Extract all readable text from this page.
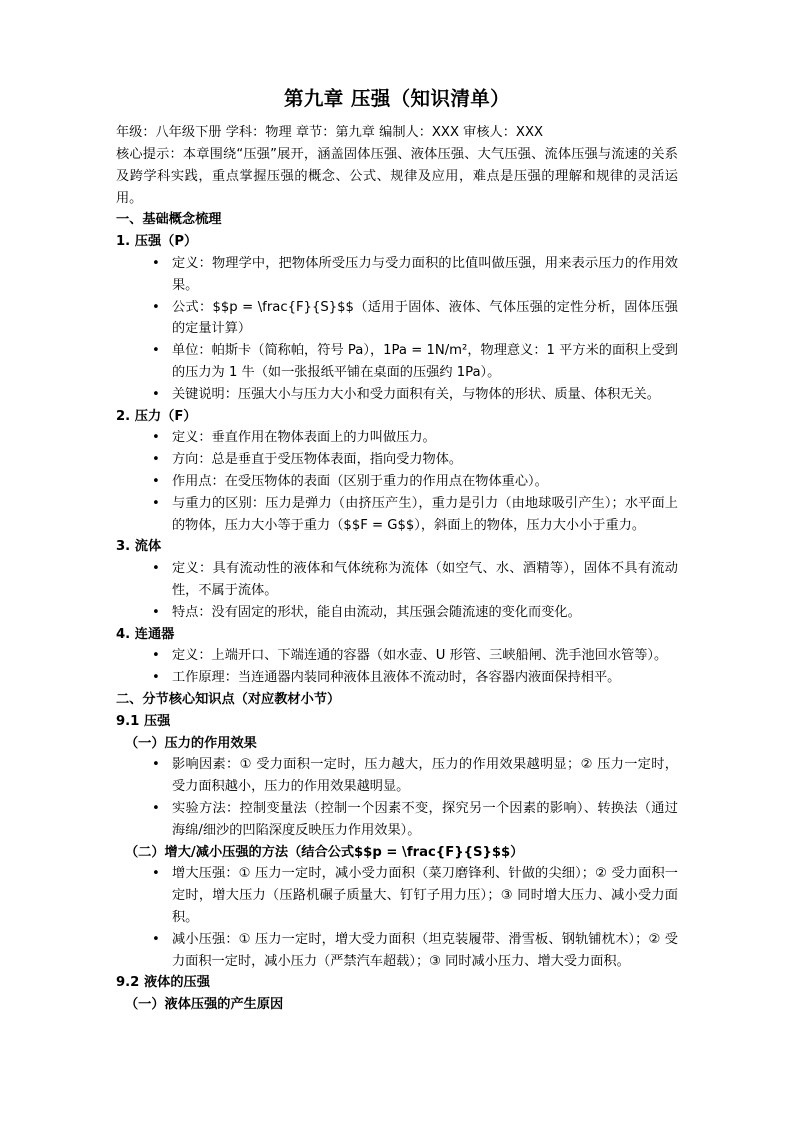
第九章 压强（知识清单）

年级：八年级下册 学科：物理 章节：第九章 编制人：XXX 审核人：XXX

核心提示：本章围绕“压强”展开，涵盖固体压强、液体压强、大气压强、流体压强与流速的关系及跨学科实践，重点掌握压强的概念、公式、规律及应用，难点是压强的理解和规律的灵活运用。

一、基础概念梳理

1. 压强（P）

• 定义：物理学中，把物体所受压力与受力面积的比值叫做压强，用来表示压力的作用效果。
• 公式：$$p = \frac{F}{S}$$（适用于固体、液体、气体压强的定性分析，固体压强的定量计算）
• 单位：帕斯卡（简称帕，符号 Pa），1Pa = 1N/m²，物理意义：1 平方米的面积上受到的压力为 1 牛（如一张报纸平铺在桌面的压强约 1Pa）。
• 关键说明：压强大小与压力大小和受力面积有关，与物体的形状、质量、体积无关。

2. 压力（F）

• 定义：垂直作用在物体表面上的力叫做压力。
• 方向：总是垂直于受压物体表面，指向受力物体。
• 作用点：在受压物体的表面（区别于重力的作用点在物体重心）。
• 与重力的区别：压力是弹力（由挤压产生），重力是引力（由地球吸引产生）；水平面上的物体，压力大小等于重力（$$F = G$$），斜面上的物体，压力大小小于重力。

3. 流体

• 定义：具有流动性的液体和气体统称为流体（如空气、水、酒精等），固体不具有流动性，不属于流体。
• 特点：没有固定的形状，能自由流动，其压强会随流速的变化而变化。

4. 连通器

• 定义：上端开口、下端连通的容器（如水壶、U 形管、三峡船闸、洗手池回水管等）。
• 工作原理：当连通器内装同种液体且液体不流动时，各容器内液面保持相平。

二、分节核心知识点（对应教材小节）

9.1 压强

（一）压力的作用效果

• 影响因素：① 受力面积一定时，压力越大，压力的作用效果越明显；② 压力一定时，受力面积越小，压力的作用效果越明显。
• 实验方法：控制变量法（控制一个因素不变，探究另一个因素的影响）、转换法（通过海绵/细沙的凹陷深度反映压力作用效果）。

（二）增大/减小压强的方法（结合公式$$p = \frac{F}{S}$$）

• 增大压强：① 压力一定时，减小受力面积（菜刀磨锋利、针做的尖细）；② 受力面积一定时，增大压力（压路机碾子质量大、钉钉子用力压）；③ 同时增大压力、减小受力面积。
• 减小压强：① 压力一定时，增大受力面积（坦克装履带、滑雪板、钢轨铺枕木）；② 受力面积一定时，减小压力（严禁汽车超载）；③ 同时减小压力、增大受力面积。

9.2 液体的压强

（一）液体压强的产生原因
